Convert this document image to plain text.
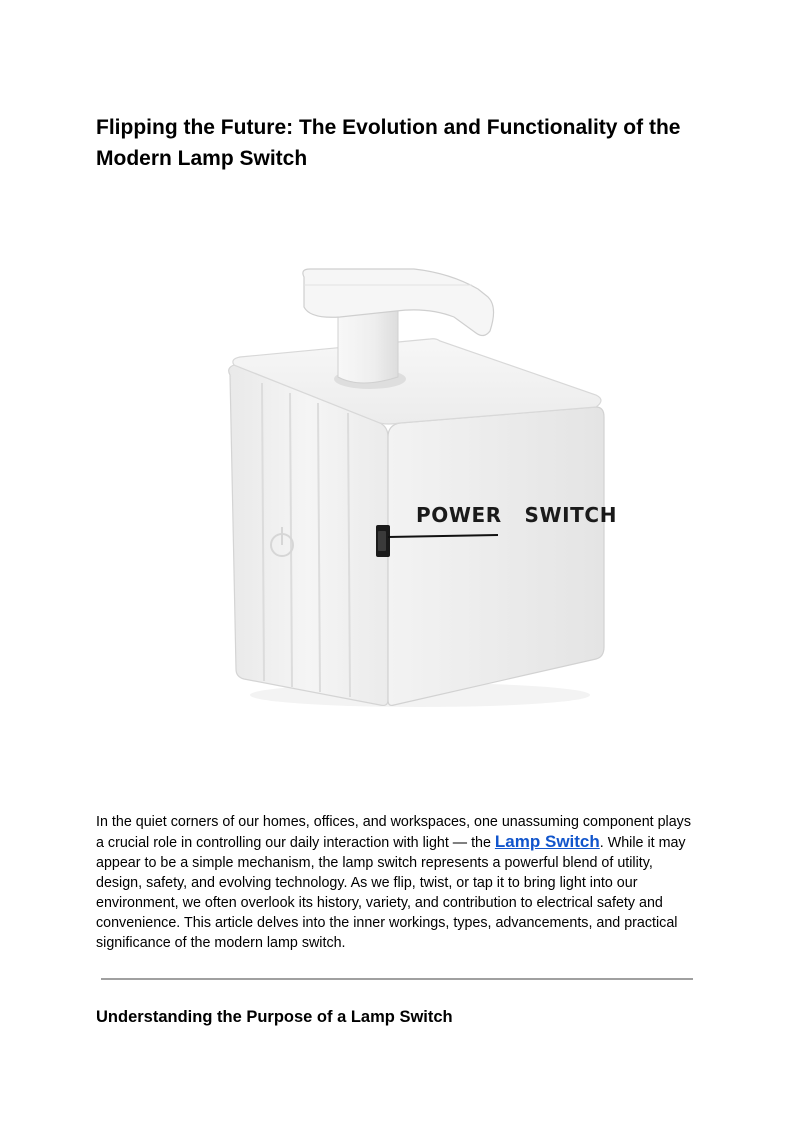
Flipping the Future: The Evolution and Functionality of the Modern Lamp Switch
POWER   SWITCH

In the quiet corners of our homes, offices, and workspaces, one unassuming component plays a crucial role in controlling our daily interaction with light — the Lamp Switch. While it may appear to be a simple mechanism, the lamp switch represents a powerful blend of utility, design, safety, and evolving technology. As we flip, twist, or tap it to bring light into our environment, we often overlook its history, variety, and contribution to electrical safety and convenience. This article delves into the inner workings, types, advancements, and practical significance of the modern lamp switch.

Understanding the Purpose of a Lamp Switch
